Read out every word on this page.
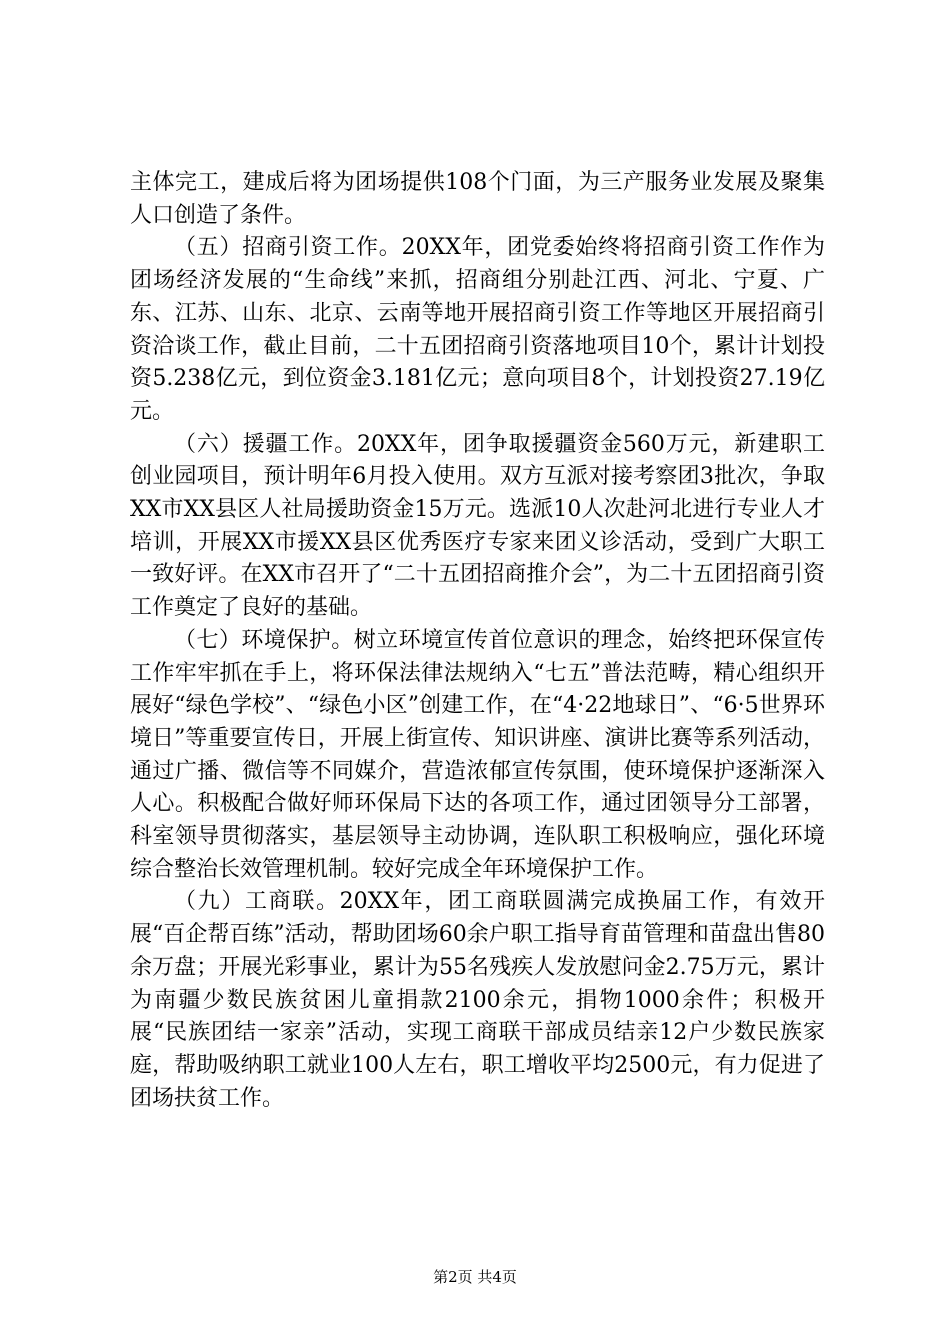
主体完工，建成后将为团场提供108个门面，为三产服务业发展及聚集人口创造了条件。

（五）招商引资工作。20XX年，团党委始终将招商引资工作作为团场经济发展的“生命线”来抓，招商组分别赴江西、河北、宁夏、广东、江苏、山东、北京、云南等地开展招商引资工作等地区开展招商引资洽谈工作，截止目前，二十五团招商引资落地项目10个，累计计划投资5.238亿元，到位资金3.181亿元；意向项目8个，计划投资27.19亿元。

（六）援疆工作。20XX年，团争取援疆资金560万元，新建职工创业园项目，预计明年6月投入使用。双方互派对接考察团3批次，争取XX市XX县区人社局援助资金15万元。选派10人次赴河北进行专业人才培训，开展XX市援XX县区优秀医疗专家来团义诊活动，受到广大职工一致好评。在XX市召开了“二十五团招商推介会”，为二十五团招商引资工作奠定了良好的基础。

（七）环境保护。树立环境宣传首位意识的理念，始终把环保宣传工作牢牢抓在手上，将环保法律法规纳入“七五”普法范畴，精心组织开展好“绿色学校”、“绿色小区”创建工作，在“4·22地球日”、“6·5世界环境日”等重要宣传日，开展上街宣传、知识讲座、演讲比赛等系列活动，通过广播、微信等不同媒介，营造浓郁宣传氛围，使环境保护逐渐深入人心。积极配合做好师环保局下达的各项工作，通过团领导分工部署，科室领导贯彻落实，基层领导主动协调，连队职工积极响应，强化环境综合整治长效管理机制。较好完成全年环境保护工作。

（九）工商联。20XX年，团工商联圆满完成换届工作，有效开展“百企帮百练”活动，帮助团场60余户职工指导育苗管理和苗盘出售80余万盘；开展光彩事业，累计为55名残疾人发放慰问金2.75万元，累计为南疆少数民族贫困儿童捐款2100余元，捐物1000余件；积极开展“民族团结一家亲”活动，实现工商联干部成员结亲12户少数民族家庭，帮助吸纳职工就业100人左右，职工增收平均2500元，有力促进了团场扶贫工作。

第2页 共4页
